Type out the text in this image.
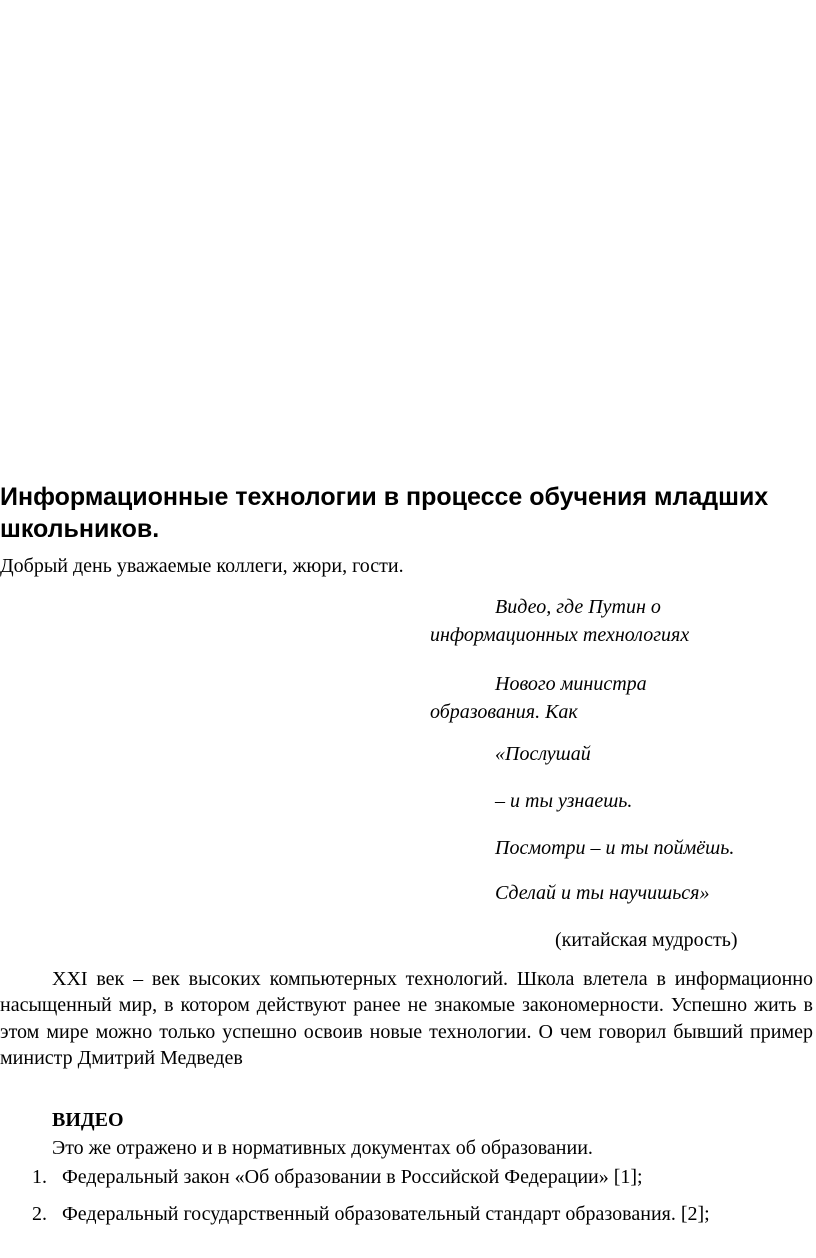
Информационные технологии в процессе обучения младших школьников.

Добрый день уважаемые коллеги, жюри, гости.

Видео, где Путин о

информационных технологиях

Нового министра

образования. Как

«Послушай

– и ты узнаешь.

Посмотри – и ты поймёшь.

Сделай и ты научишься»

(китайская мудрость)

XXI век – век высоких компьютерных технологий. Школа влетела в информационно насыщенный мир, в котором действуют ранее не знакомые закономерности. Успешно жить в этом мире можно только успешно освоив новые технологии. О чем говорил бывший пример министр Дмитрий Медведев

ВИДЕО

Это же отражено и в нормативных документах об образовании.

1. Федеральный закон «Об образовании в Российской Федерации» [1];
2. Федеральный государственный образовательный стандарт образования. [2];
